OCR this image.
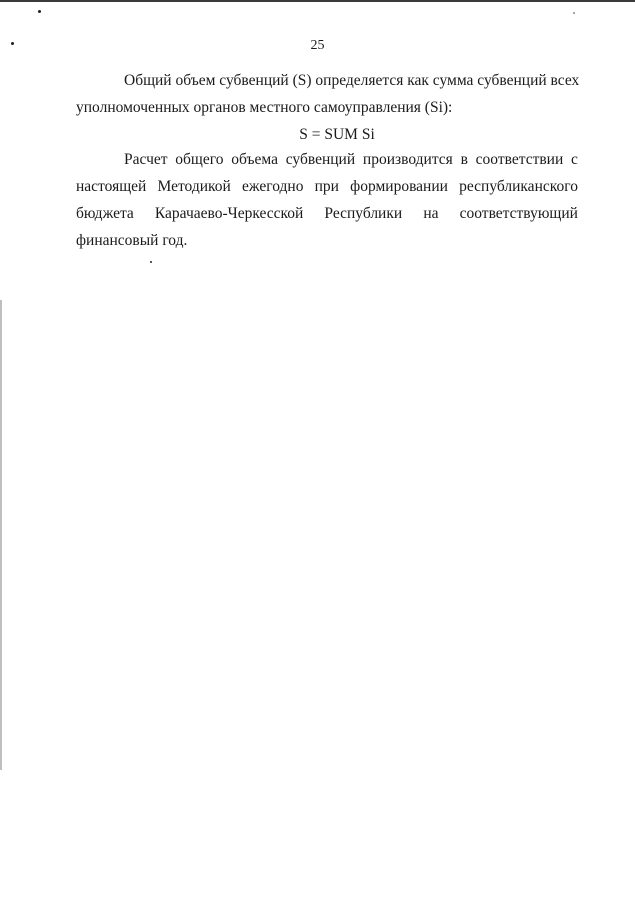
25
Общий объем субвенций (S) определяется как сумма субвенций всех
уполномоченных органов местного самоуправления (Si):
S = SUM Si
Расчет общего объема субвенций производится в соответствии с
настоящей Методикой ежегодно при формировании республиканского
бюджета Карачаево-Черкесской Республики на соответствующий
финансовый год.
